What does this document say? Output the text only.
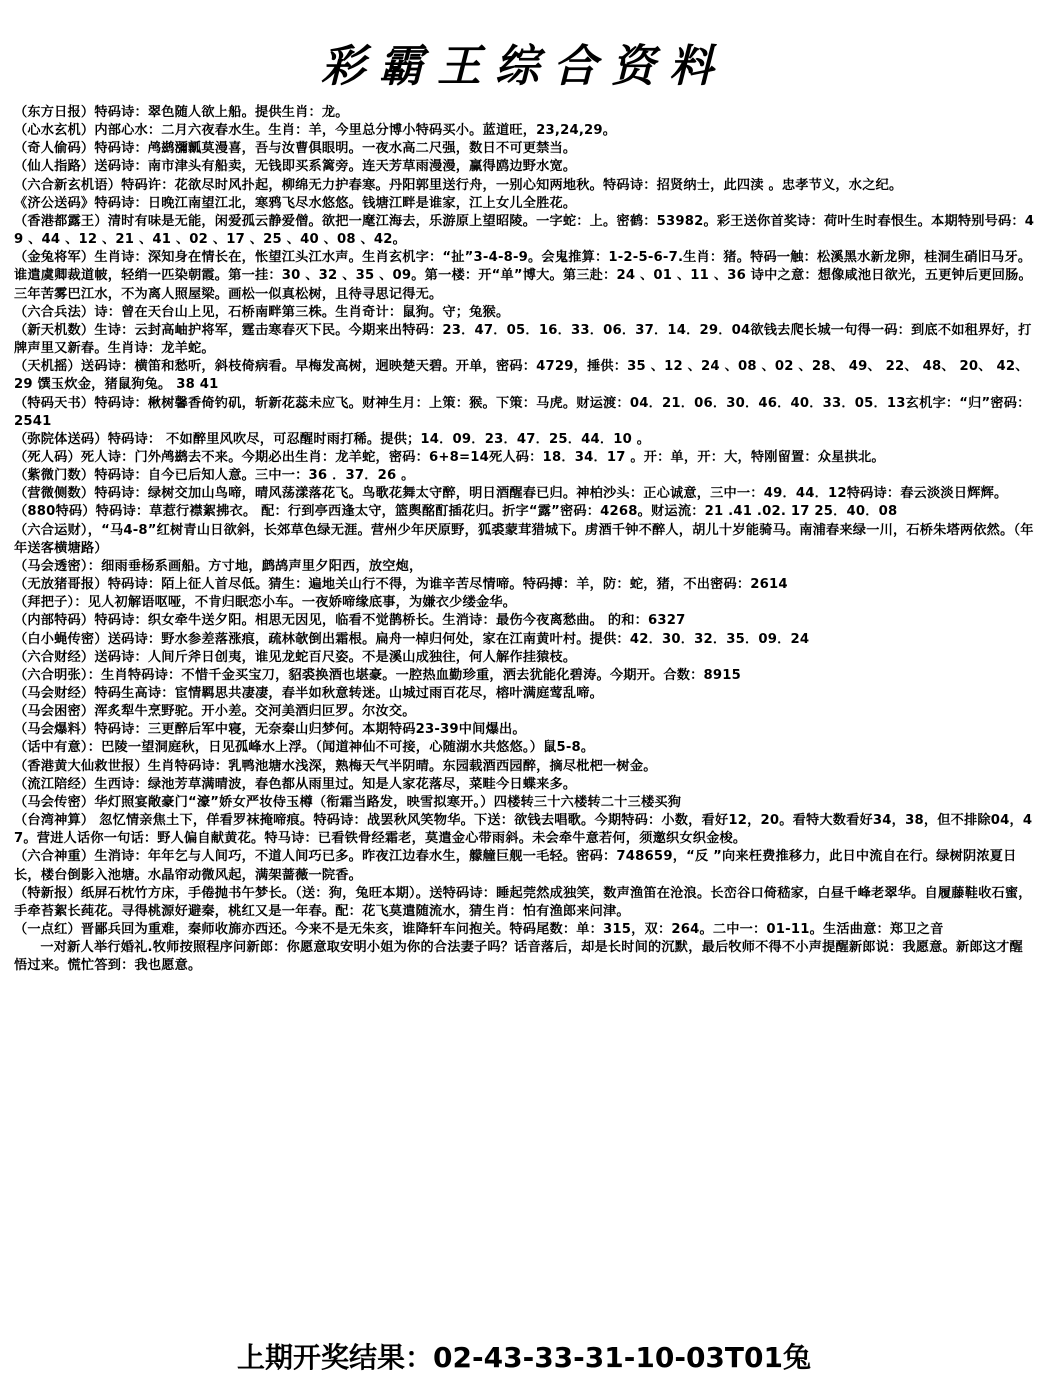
彩霸王综合资料
（东方日报）特码诗：翠色随人欲上船。提供生肖：龙。
（心水玄机）内部心水：二月六夜春水生。生肖：羊，今里总分博小特码买小。蓝道旺，23,24,29。
（奇人偷码）特码诗：鸬鹚瀰瓤莫漫喜，吾与汝曹俱眼明。一夜水高二尺强，数日不可更禁当。
（仙人指路）送码诗：南市津头有船卖，无钱即买系篱旁。连天芳草雨漫漫，赢得鸥边野水宽。
（六合新玄机语）特码许：花欲尽时风扑起，柳绵无力护春寒。丹阳郭里送行舟，一别心知两地秋。特码诗：招贤纳士，此四渎 。忠孝节义，水之纪。
《济公送码》特码诗：日晚江南望江北，寒鸦飞尽水悠悠。钱塘江畔是谁家，江上女儿全胜花。
（香港都露王）清时有味是无能，闲爱孤云静爱僧。欲把一麾江海去，乐游原上望昭陵。一字蛇：上。密鹤：53982。彩王送你首奖诗：荷叶生时春恨生。本期特别号码：49 、44 、12 、21 、41 、02 、17 、25 、40 、08 、42。
（金兔将军）生肖诗：深知身在情长在，怅望江头江水声。生肖玄机字：“扯”3-4-8-9。会鬼推算：1-2-5-6-7.生肖：猪。特码一触：松溪黑水新龙卵，桂洞生硝旧马牙。谁遣虞卿裁道帔，轻绡一匹染朝霞。第一挂：30 、32 、35 、09。第一楼：开“单”博大。第三赴：24 、01 、11 、36 诗中之意：想像咸池日欲光，五更钟后更回肠。三年苦雾巴江水，不为离人照屋梁。画松一似真松树，且待寻思记得无。
（六合兵法）诗：曾在天台山上见，石桥南畔第三株。生肖奇计：鼠狗。守；兔猴。
（新天机数）生诗：云封高岫护将军，霆击寒春灭下民。今期来出特码：23．47．05．16．33．06．37．14．29．04欲钱去爬长城一句得一码：到底不如租界好，打牌声里又新春。生肖诗：龙羊蛇。
（天机摇）送码诗：横笛和愁听，斜枝倚病看。早梅发高树，迥映楚天碧。开单，密码：4729，捶供：35 、12 、24 、08 、02 、28、 49、 22、 48、 20、 42、 29 馔玉炊金，猪鼠狗兔。 38 41
（特码天书）特码诗：楸树馨香倚钓矶，斩新花蕊未应飞。财神生月：上策：猴。下策：马虎。财运渡：04．21．06．30．46．40．33．05．13玄机字：“归”密码：2541
（弥院体送码）特码诗： 不如醉里风吹尽，可忍醒时雨打稀。提供；14．09．23．47．25．44．10 。
（死人码）死人诗：门外鸬鹚去不来。今期必出生肖：龙羊蛇，密码：6+8=14死人码：18．34．17 。开：单，开：大，特刚留置：众星拱北。
（紫微门数）特码诗：自今已后知人意。三中一：36 ．37．26 。
（营微侧数）特码诗：绿树交加山鸟啼，晴风荡漾落花飞。鸟歌花舞太守醉，明日酒醒春已归。神柏沙头：正心诚意，三中一：49．44．12特码诗：春云淡淡日辉辉。
（880特码）特码诗：草惹行襟絮拂衣。 配：行到亭西逢太守，篮舆酩酊插花归。折字“露”密码：4268。财运流：21 .41 .02. 17 25．40．08
（六合运财），“马4-8”红树青山日欲斜，长郊草色绿无涯。营州少年厌原野，狐裘蒙茸猎城下。虏酒千钟不醉人，胡儿十岁能骑马。南浦春来绿一川，石桥朱塔两依然。（年年送客横塘路）
（马会透密）：细雨垂杨系画船。方寸地，鹧鸪声里夕阳西，放空炮，
（无放猪哥报）特码诗：陌上征人首尽低。猜生：遍地关山行不得，为谁辛苦尽情啼。特码搏：羊，防：蛇，猪，不出密码：2614
（拜把子）：见人初解语呕哑，不肯归眠恋小车。一夜娇啼缘底事，为嫌衣少缕金华。
（内部特码）特码诗：织女牵牛送夕阳。相思无因见，临看不觉鹊桥长。生消诗：最伤今夜离愁曲。 的和：6327
（白小蝇传密）送码诗：野水参差落涨痕，疏林欹倒出霜根。扁舟一棹归何处，家在江南黄叶村。提供：42．30．32．35．09．24
（六合财经）送码诗：人间斤斧日创夷，谁见龙蛇百尺姿。不是溪山成独往，何人解作挂猿枝。
（六合明张）：生肖特码诗：不惜千金买宝刀，貂裘换酒也堪豪。一腔热血勤珍重，洒去犹能化碧涛。今期开。合数：8915
（马会财经）特码生高诗：宦情羁思共凄凄，春半如秋意转迷。山城过雨百花尽，榕叶满庭莺乱啼。
（马会困密）浑炙犁牛烹野驼。开小差。交河美酒归叵罗。尔汝交。
（马会爆料）特码诗：三更醉后军中寝，无奈秦山归梦何。本期特码23-39中间爆出。
（话中有意）：巴陵一望洞庭秋，日见孤峰水上浮。（闻道神仙不可接，心随湖水共悠悠。）鼠5-8。
（香港黄大仙救世报）生肖特码诗：乳鸭池塘水浅深，熟梅天气半阴晴。东园载酒西园醉，摘尽枇杷一树金。
（流江陪经）生西诗：绿池芳草满晴波，春色都从雨里过。知是人家花落尽，菜畦今日蝶来多。
（马会传密）华灯照宴敞豪门“濠”娇女严妆侍玉樽（衔霜当路发，映雪拟寒开。）四楼转三十六楼转二十三楼买狗
（台湾神算） 忽忆情亲焦土下，佯看罗袜掩啼痕。特码诗：战罢秋风笑物华。下送：欲钱去唱歌。今期特码：小数，看好12，20。看特大数看好34，38，但不排除04，47。营进人话你一句话：野人偏自献黄花。特马诗：已看铁骨经霜老，莫遣金心带雨斜。未会牵牛意若何，须邀织女织金梭。
（六合神重）生消诗：年年乞与人间巧，不道人间巧已多。昨夜江边春水生，艨艟巨舰一毛轻。密码：748659，“反 ”向来枉费推移力，此日中流自在行。绿树阴浓夏日长，楼台倒影入池塘。水晶帘动微风起，满架蔷薇一院香。
（特新报）纸屏石枕竹方床，手倦抛书午梦长。（送：狗，兔旺本期）。送特码诗：睡起莞然成独笑，数声渔笛在沧浪。长峦谷口倚嵇家，白昼千峰老翠华。自履藤鞋收石蜜，手牵苔絮长莼花。寻得桃源好避秦，桃红又是一年春。配：花飞莫遣随流水，猜生肖：怕有渔郎来问津。
（一点红）晋鄙兵回为重难，秦师收旆亦西还。今来不是无朱亥，谁降轩车问抱关。特码尾数：单：315，双：264。二中一：01-11。生活曲意：郑卫之音
一对新人举行婚礼.牧师按照程序问新郎：你愿意取安明小姐为你的合法妻子吗？话音落后，却是长时间的沉默，最后牧师不得不小声提醒新郎说：我愿意。新郎这才醒悟过来。慌忙答到：我也愿意。
上期开奖结果：02-43-33-31-10-03T01兔
